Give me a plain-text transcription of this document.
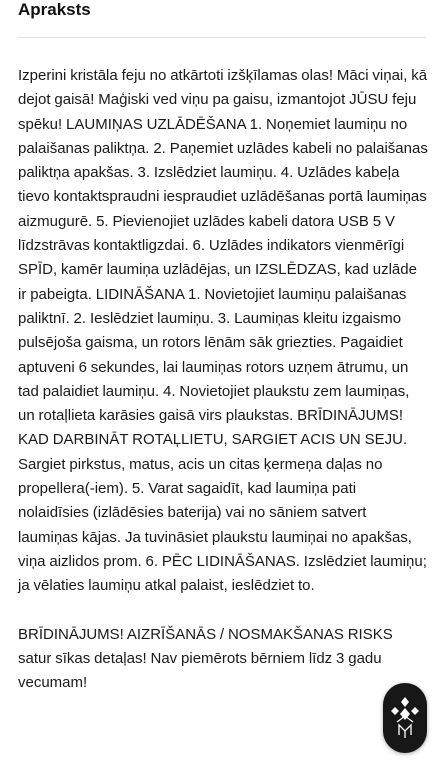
Apraksts

Izperini kristāla feju no atkārtoti izšķīlamas olas! Māci viņai, kā dejot gaisā! Maģiski ved viņu pa gaisu, izmantojot JŪSU feju spēku! LAUMIŅAS UZLĀDĒŠANA 1. Noņemiet laumiņu no palaišanas paliktņa. 2. Paņemiet uzlādes kabeli no palaišanas paliktņa apakšas. 3. Izslēdziet laumiņu. 4. Uzlādes kabeļa tievo kontaktspraudni iespraudiet uzlādēšanas portā laumiņas aizmugurē. 5. Pievienojiet uzlādes kabeli datora USB 5 V līdzstrāvas kontaktligzdai. 6. Uzlādes indikators vienmērīgi SPĪD, kamēr laumiņa uzlādējas, un IZSLĒDZAS, kad uzlāde ir pabeigta. LIDINĀŠANA 1. Novietojiet laumiņu palaišanas paliktnī. 2. Ieslēdziet laumiņu. 3. Laumiņas kleitu izgaismo pulsējoša gaisma, un rotors lēnām sāk griezties. Pagaidiet aptuveni 6 sekundes, lai laumiņas rotors uzņem ātrumu, un tad palaidiet laumiņu. 4. Novietojiet plaukstu zem laumiņas, un rotaļlieta karāsies gaisā virs plaukstas. BRĪDINĀJUMS! KAD DARBINĀT ROTAĻLIETU, SARGIET ACIS UN SEJU. Sargiet pirkstus, matus, acis un citas ķermeņa daļas no propellera(-iem). 5. Varat sagaidīt, kad laumiņa pati nolaidīsies (izlādēsies baterija) vai no sāniem satvert laumiņas kājas. Ja tuvināsiet plaukstu laumiņai no apakšas, viņa aizlidos prom. 6. PĒC LIDINĀŠANAS. Izslēdziet laumiņu; ja vēlaties laumiņu atkal palaist, ieslēdziet to.

BRĪDINĀJUMS! AIZRĪŠANĀS / NOSMAKŠANAS RISKS satur sīkas detaļas! Nav piemērots bērniem līdz 3 gadu vecumam!
